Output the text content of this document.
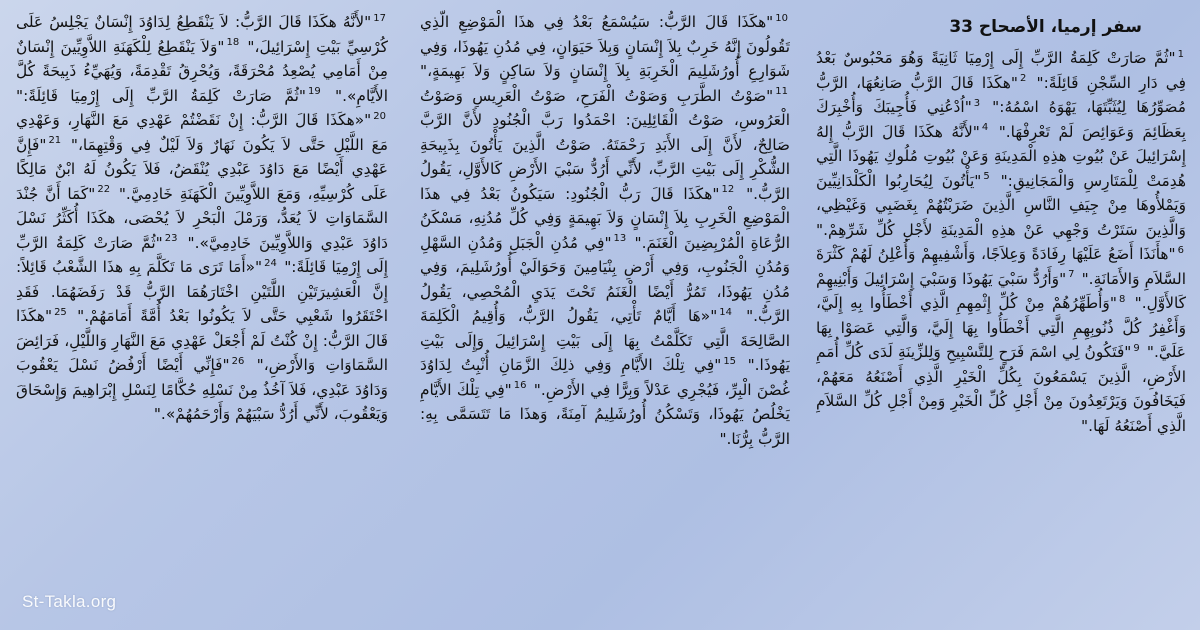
سفر إرميا، الأصحاح 33
$^1$"ثُمَّ صَارَتْ كَلِمَةُ الرَّبِّ إِلَى إِرْمِيَا ثَانِيَةً وَهُوَ مَحْبُوسٌ بَعْدُ فِي دَارِ السِّجْنِ قَائِلَةً:" $^2$"هكَذَا قَالَ الرَّبُّ صَانِعُهَا، الرَّبُّ مُصَوِّرُهَا لِيُثَبِّتَهَا، يَهْوَهُ اسْمُهُ:" $^3$"اُدْعُنِي فَأُجِيبَكَ وَأُخْبِرَكَ بِعَظَائِمَ وَعَوَائِصَ لَمْ تَعْرِفْهَا." $^4$"لأَنَّهُ هكَذَا قَالَ الرَّبُّ إِلهُ إِسْرَائِيلَ عَنْ بُيُوتِ هذِهِ الْمَدِينَةِ وَعَنْ بُيُوتِ مُلُوكِ يَهُوذَا الَّتِي هُدِمَتْ لِلْمَتَارِسِ وَالْمَجَانِيقِ:" $^5$"يَأْتُونَ لِيُحَارِبُوا الْكَلْدَانِيِّينَ وَيَمْلأُوهَا مِنْ جِيَفِ النَّاسِ الَّذِينَ ضَرَبْتُهُمْ بِغَضَبِي وَغَيْظِي، وَالَّذِينَ سَتَرْتُ وَجْهِي عَنْ هذِهِ الْمَدِينَةِ لأَجْلِ كُلِّ شَرِّهِمْ." $^6$"هأَنَذَا أَضَعُ عَلَيْهَا رِفَادَةً وَعِلاَجًا، وَأَشْفِيهِمْ وَأُعْلِنُ لَهُمْ كَثْرَةَ السَّلاَمِ وَالأَمَانَةِ." $^7$"وَأَرُدُّ سَبْيَ يَهُوذَا وَسَبْيَ إِسْرَائِيلَ وَأَبْنِيهِمْ كَالأَوَّلِ." $^8$"وَأُطَهِّرُهُمْ مِنْ كُلِّ إِثْمِهِمِ الَّذِي أَخْطَأُوا بِهِ إِلَيَّ، وَأَغْفِرُ كُلَّ ذُنُوبِهِمِ الَّتِي أَخْطَأُوا بِهَا إِلَيَّ، وَالَّتِي عَصَوْا بِهَا عَلَيَّ." $^9$"فَتَكُونُ لِي اسْمَ فَرَحٍ لِلتَّسْبِيحِ وَلِلزِّينَةِ لَدَى كُلِّ أُمَمِ الأَرْضِ، الَّذِينَ يَسْمَعُونَ بِكُلِّ الْخَيْرِ الَّذِي أَصْنَعُهُ مَعَهُمْ، فَيَخَافُونَ وَيَرْتَعِدُونَ مِنْ أَجْلِ كُلِّ الْخَيْرِ وَمِنْ أَجْلِ كُلِّ السَّلاَمِ الَّذِي أَصْنَعُهُ لَهَا."
$^{10}$"هكَذَا قَالَ الرَّبُّ: سَيُسْمَعُ بَعْدُ فِي هذَا الْمَوْضِعِ الَّذِي تَقُولُونَ إِنَّهُ خَرِبٌ بِلاَ إِنْسَانٍ وَبِلاَ حَيَوَانٍ، فِي مُدُنِ يَهُوذَا، وَفِي شَوَارِعِ أُورُشَلِيمَ الْخَرِبَةِ بِلاَ إِنْسَانٍ وَلاَ سَاكِنٍ وَلاَ بَهِيمَةٍ،" $^{11}$"صَوْتُ الطَّرَبِ وَصَوْتُ الْفَرَحِ، صَوْتُ الْعَرِيسِ وَصَوْتُ الْعَرُوسِ، صَوْتُ الْقَائِلِينَ: احْمَدُوا رَبَّ الْجُنُودِ لأَنَّ الرَّبَّ صَالِحٌ، لأَنَّ إِلَى الأَبَدِ رَحْمَتَهُ. صَوْتُ الَّذِينَ يَأْتُونَ بِذَبِيحَةِ الشُّكْرِ إِلَى بَيْتِ الرَّبِّ، لأَنِّي أَرُدُّ سَبْيَ الأَرْضِ كَالأَوَّلِ، يَقُولُ الرَّبُّ." $^{12}$"هكَذَا قَالَ رَبُّ الْجُنُودِ: سَيَكُونُ بَعْدُ فِي هذَا الْمَوْضِعِ الْخَرِبِ بِلاَ إِنْسَانٍ وَلاَ بَهِيمَةٍ وَفِي كُلِّ مُدُنِهِ، مَسْكَنُ الرُّعَاةِ الْمُرْبِضِينَ الْغَنَمَ." $^{13}$"فِي مُدُنِ الْجَبَلِ وَمُدُنِ السَّهْلِ وَمُدُنِ الْجَنُوبِ، وَفِي أَرْضِ بِنْيَامِينَ وَحَوَالَيْ أُورُشَلِيمَ، وَفِي مُدُنِ يَهُوذَا، تَمُرُّ أَيْضًا الْغَنَمُ تَحْتَ يَدَيِ الْمُحْصِي، يَقُولُ الرَّبُّ." $^{14}$"«هَا أَيَّامٌ تَأْتِي، يَقُولُ الرَّبُّ، وَأُقِيمُ الْكَلِمَةَ الصَّالِحَةَ الَّتِي تَكَلَّمْتُ بِهَا إِلَى بَيْتِ إِسْرَائِيلَ وَإِلَى بَيْتِ يَهُوذَا." $^{15}$"فِي تِلْكَ الأَيَّامِ وَفِي ذلِكَ الزَّمَانِ أُنْبِتُ لِدَاوُدَ غُصْنَ الْبِرِّ، فَيُجْرِي عَدْلاً وَبِرًّا فِي الأَرْضِ." $^{16}$"فِي تِلْكَ الأَيَّامِ يَخْلُصُ يَهُوذَا، وَتَسْكُنُ أُورُشَلِيمُ آمِنَةً، وَهذَا مَا تَتَسَمَّى بِهِ: الرَّبُّ بِرُّنَا."
$^{17}$"لأَنَّهُ هكَذَا قَالَ الرَّبُّ: لاَ يَنْقَطِعُ لِدَاوُدَ إِنْسَانٌ يَجْلِسُ عَلَى كُرْسِيِّ بَيْتِ إِسْرَائِيلَ،" $^{18}$"وَلاَ يَنْقَطِعُ لِلْكَهَنَةِ اللاَّوِيِّينَ إِنْسَانٌ مِنْ أَمَامِي يُصْعِدُ مُحْرَقَةً، وَيُحْرِقُ تَقْدِمَةً، وَيُهَيِّءُ ذَبِيحَةً كُلَّ الأَيَّامِ»." $^{19}$"ثُمَّ صَارَتْ كَلِمَةُ الرَّبِّ إِلَى إِرْمِيَا قَائِلَةً:" $^{20}$"«هكَذَا قَالَ الرَّبُّ: إِنْ نَقَضْتُمْ عَهْدِي مَعَ النَّهَارِ، وَعَهْدِي مَعَ اللَّيْلِ حَتَّى لاَ يَكُونَ نَهَارٌ وَلاَ لَيْلٌ فِي وَقْتِهِمَا،" $^{21}$"فَإِنَّ عَهْدِي أَيْضًا مَعَ دَاوُدَ عَبْدِي يُنْقَضُ، فَلاَ يَكُونُ لَهُ ابْنٌ مَالِكًا عَلَى كُرْسِيِّهِ، وَمَعَ اللاَّوِيِّينَ الْكَهَنَةِ خَادِمِيَّ." $^{22}$"كَمَا أَنَّ جُنْدَ السَّمَاوَاتِ لاَ يُعَدُّ، وَرَمْلَ الْبَحْرِ لاَ يُحْصَى، هكَذَا أُكَثِّرُ نَسْلَ دَاوُدَ عَبْدِي وَاللاَّوِيِّينَ خَادِمِيَّ»." $^{23}$"ثُمَّ صَارَتْ كَلِمَةُ الرَّبِّ إِلَى إِرْمِيَا قَائِلَةً:" $^{24}$"«أَمَا تَرَى مَا تَكَلَّمَ بِهِ هذَا الشَّعْبُ قَائِلاً: إِنَّ الْعَشِيرَتَيْنِ اللَّتَيْنِ اخْتَارَهُمَا الرَّبُّ قَدْ رَفَضَهُمَا. فَقَدِ احْتَقَرُوا شَعْبِي حَتَّى لاَ يَكُونُوا بَعْدُ أُمَّةً أَمَامَهُمْ." $^{25}$"هكَذَا قَالَ الرَّبُّ: إِنْ كُنْتُ لَمْ أَجْعَلْ عَهْدِي مَعَ النَّهَارِ وَاللَّيْلِ، فَرَائِضَ السَّمَاوَاتِ وَالأَرْضِ،" $^{26}$"فَإِنِّي أَيْضًا أَرْفُضُ نَسْلَ يَعْقُوبَ وَدَاوُدَ عَبْدِي، فَلاَ آخُذُ مِنْ نَسْلِهِ حُكَّامًا لِنَسْلِ إِبْرَاهِيمَ وَإِسْحَاقَ وَيَعْقُوبَ، لأَنِّي أَرُدُّ سَبْيَهُمْ وَأَرْحَمُهُمْ»."
St-Takla.org
